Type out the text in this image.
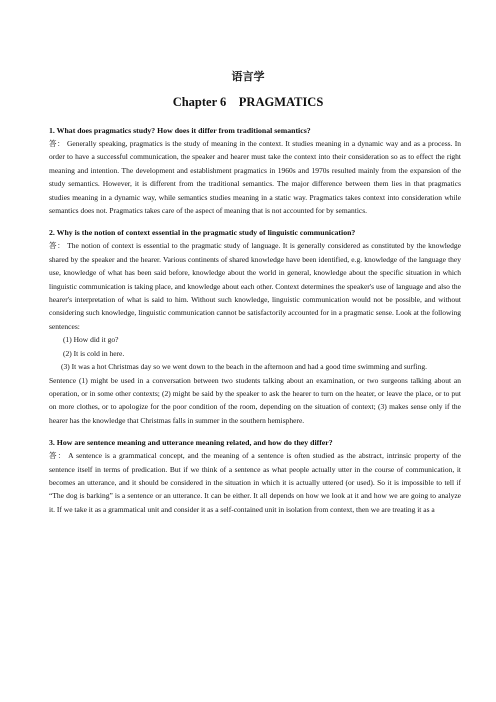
语言学
Chapter 6    PRAGMATICS

1. What does pragmatics study? How does it differ from traditional semantics?

答： Generally speaking, pragmatics is the study of meaning in the context. It studies meaning in a dynamic way and as a process. In order to have a successful communication, the speaker and hearer must take the context into their consideration so as to effect the right meaning and intention. The development and establishment pragmatics in 1960s and 1970s resulted mainly from the expansion of the study semantics. However, it is different from the traditional semantics. The major difference between them lies in that pragmatics studies meaning in a dynamic way, while semantics studies meaning in a static way. Pragmatics takes context into consideration while semantics does not. Pragmatics takes care of the aspect of meaning that is not accounted for by semantics.

2. Why is the notion of context essential in the pragmatic study of linguistic communication?

答： The notion of context is essential to the pragmatic study of language. It is generally considered as constituted by the knowledge shared by the speaker and the hearer. Various continents of shared knowledge have been identified, e.g. knowledge of the language they use, knowledge of what has been said before, knowledge about the world in general, knowledge about the specific situation in which linguistic communication is taking place, and knowledge about each other. Context determines the speaker's use of language and also the hearer's interpretation of what is said to him. Without such knowledge, linguistic communication would not be possible, and without considering such knowledge, linguistic communication cannot be satisfactorily accounted for in a pragmatic sense. Look at the following sentences:

(1) How did it go?
(2) It is cold in here.
(3) It was a hot Christmas day so we went down to the beach in the afternoon and had a good time swimming and surfing.

Sentence (1) might be used in a conversation between two students talking about an examination, or two surgeons talking about an operation, or in some other contexts; (2) might be said by the speaker to ask the hearer to turn on the heater, or leave the place, or to put on more clothes, or to apologize for the poor condition of the room, depending on the situation of context; (3) makes sense only if the hearer has the knowledge that Christmas falls in summer in the southern hemisphere.

3. How are sentence meaning and utterance meaning related, and how do they differ?

答： A sentence is a grammatical concept, and the meaning of a sentence is often studied as the abstract, intrinsic property of the sentence itself in terms of predication. But if we think of a sentence as what people actually utter in the course of communication, it becomes an utterance, and it should be considered in the situation in which it is actually uttered (or used). So it is impossible to tell if “The dog is barking” is a sentence or an utterance. It can be either. It all depends on how we look at it and how we are going to analyze it. If we take it as a grammatical unit and consider it as a self-contained unit in isolation from context, then we are treating it as a
